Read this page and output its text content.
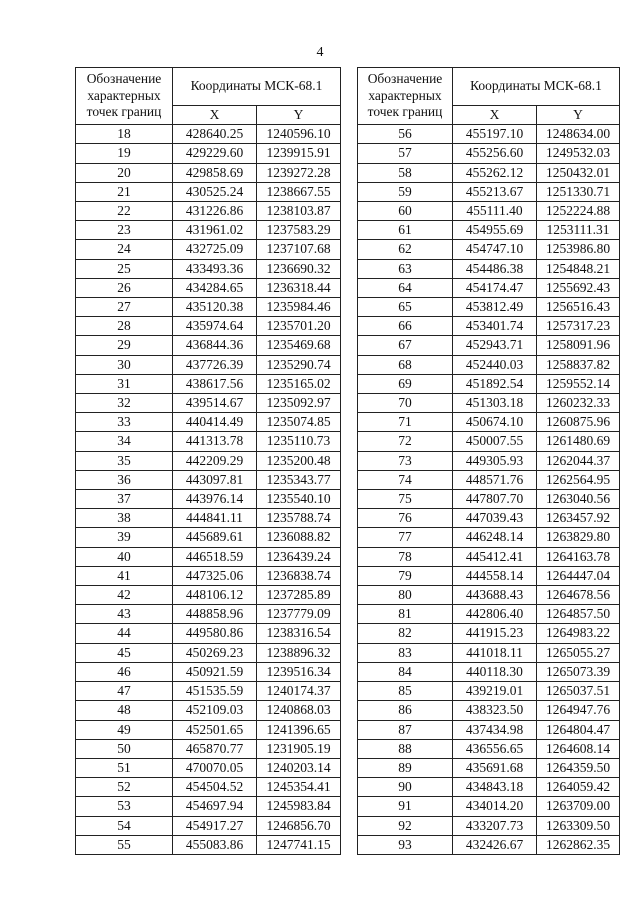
4
Обозначение характерных точек границ	Координаты МСК-68.1	
	X	Y
18	428640.25	1240596.10
19	429229.60	1239915.91
20	429858.69	1239272.28
21	430525.24	1238667.55
22	431226.86	1238103.87
23	431961.02	1237583.29
24	432725.09	1237107.68
25	433493.36	1236690.32
26	434284.65	1236318.44
27	435120.38	1235984.46
28	435974.64	1235701.20
29	436844.36	1235469.68
30	437726.39	1235290.74
31	438617.56	1235165.02
32	439514.67	1235092.97
33	440414.49	1235074.85
34	441313.78	1235110.73
35	442209.29	1235200.48
36	443097.81	1235343.77
37	443976.14	1235540.10
38	444841.11	1235788.74
39	445689.61	1236088.82
40	446518.59	1236439.24
41	447325.06	1236838.74
42	448106.12	1237285.89
43	448858.96	1237779.09
44	449580.86	1238316.54
45	450269.23	1238896.32
46	450921.59	1239516.34
47	451535.59	1240174.37
48	452109.03	1240868.03
49	452501.65	1241396.65
50	465870.77	1231905.19
51	470070.05	1240203.14
52	454504.52	1245354.41
53	454697.94	1245983.84
54	454917.27	1246856.70
55	455083.86	1247741.15
Обозначение характерных точек границ	Координаты МСК-68.1	
	X	Y
56	455197.10	1248634.00
57	455256.60	1249532.03
58	455262.12	1250432.01
59	455213.67	1251330.71
60	455111.40	1252224.88
61	454955.69	1253111.31
62	454747.10	1253986.80
63	454486.38	1254848.21
64	454174.47	1255692.43
65	453812.49	1256516.43
66	453401.74	1257317.23
67	452943.71	1258091.96
68	452440.03	1258837.82
69	451892.54	1259552.14
70	451303.18	1260232.33
71	450674.10	1260875.96
72	450007.55	1261480.69
73	449305.93	1262044.37
74	448571.76	1262564.95
75	447807.70	1263040.56
76	447039.43	1263457.92
77	446248.14	1263829.80
78	445412.41	1264163.78
79	444558.14	1264447.04
80	443688.43	1264678.56
81	442806.40	1264857.50
82	441915.23	1264983.22
83	441018.11	1265055.27
84	440118.30	1265073.39
85	439219.01	1265037.51
86	438323.50	1264947.76
87	437434.98	1264804.47
88	436556.65	1264608.14
89	435691.68	1264359.50
90	434843.18	1264059.42
91	434014.20	1263709.00
92	433207.73	1263309.50
93	432426.67	1262862.35
